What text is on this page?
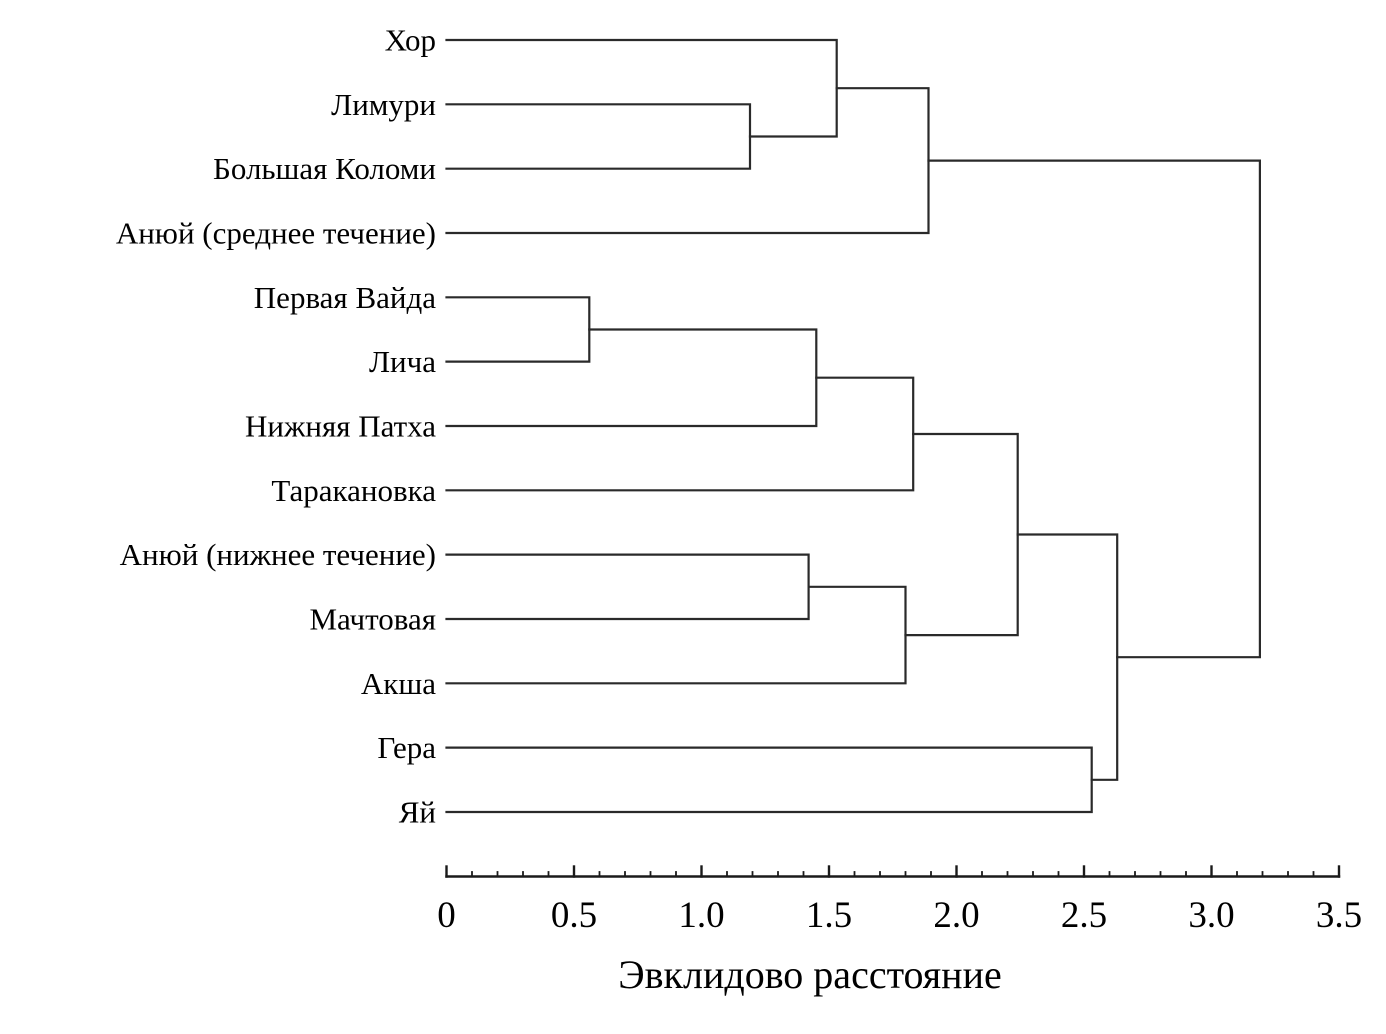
Эвклидово расстояние
Хор
Лимури
Большая Коломи
Анюй (среднее течение)
Первая Вайда
Лича
Нижняя Патха
Таракановка
Анюй (нижнее течение)
Мачтовая
Акша
Гера
Яй
0	0.5 1.0 1.5 2.0 2.5 3.0 3.5
